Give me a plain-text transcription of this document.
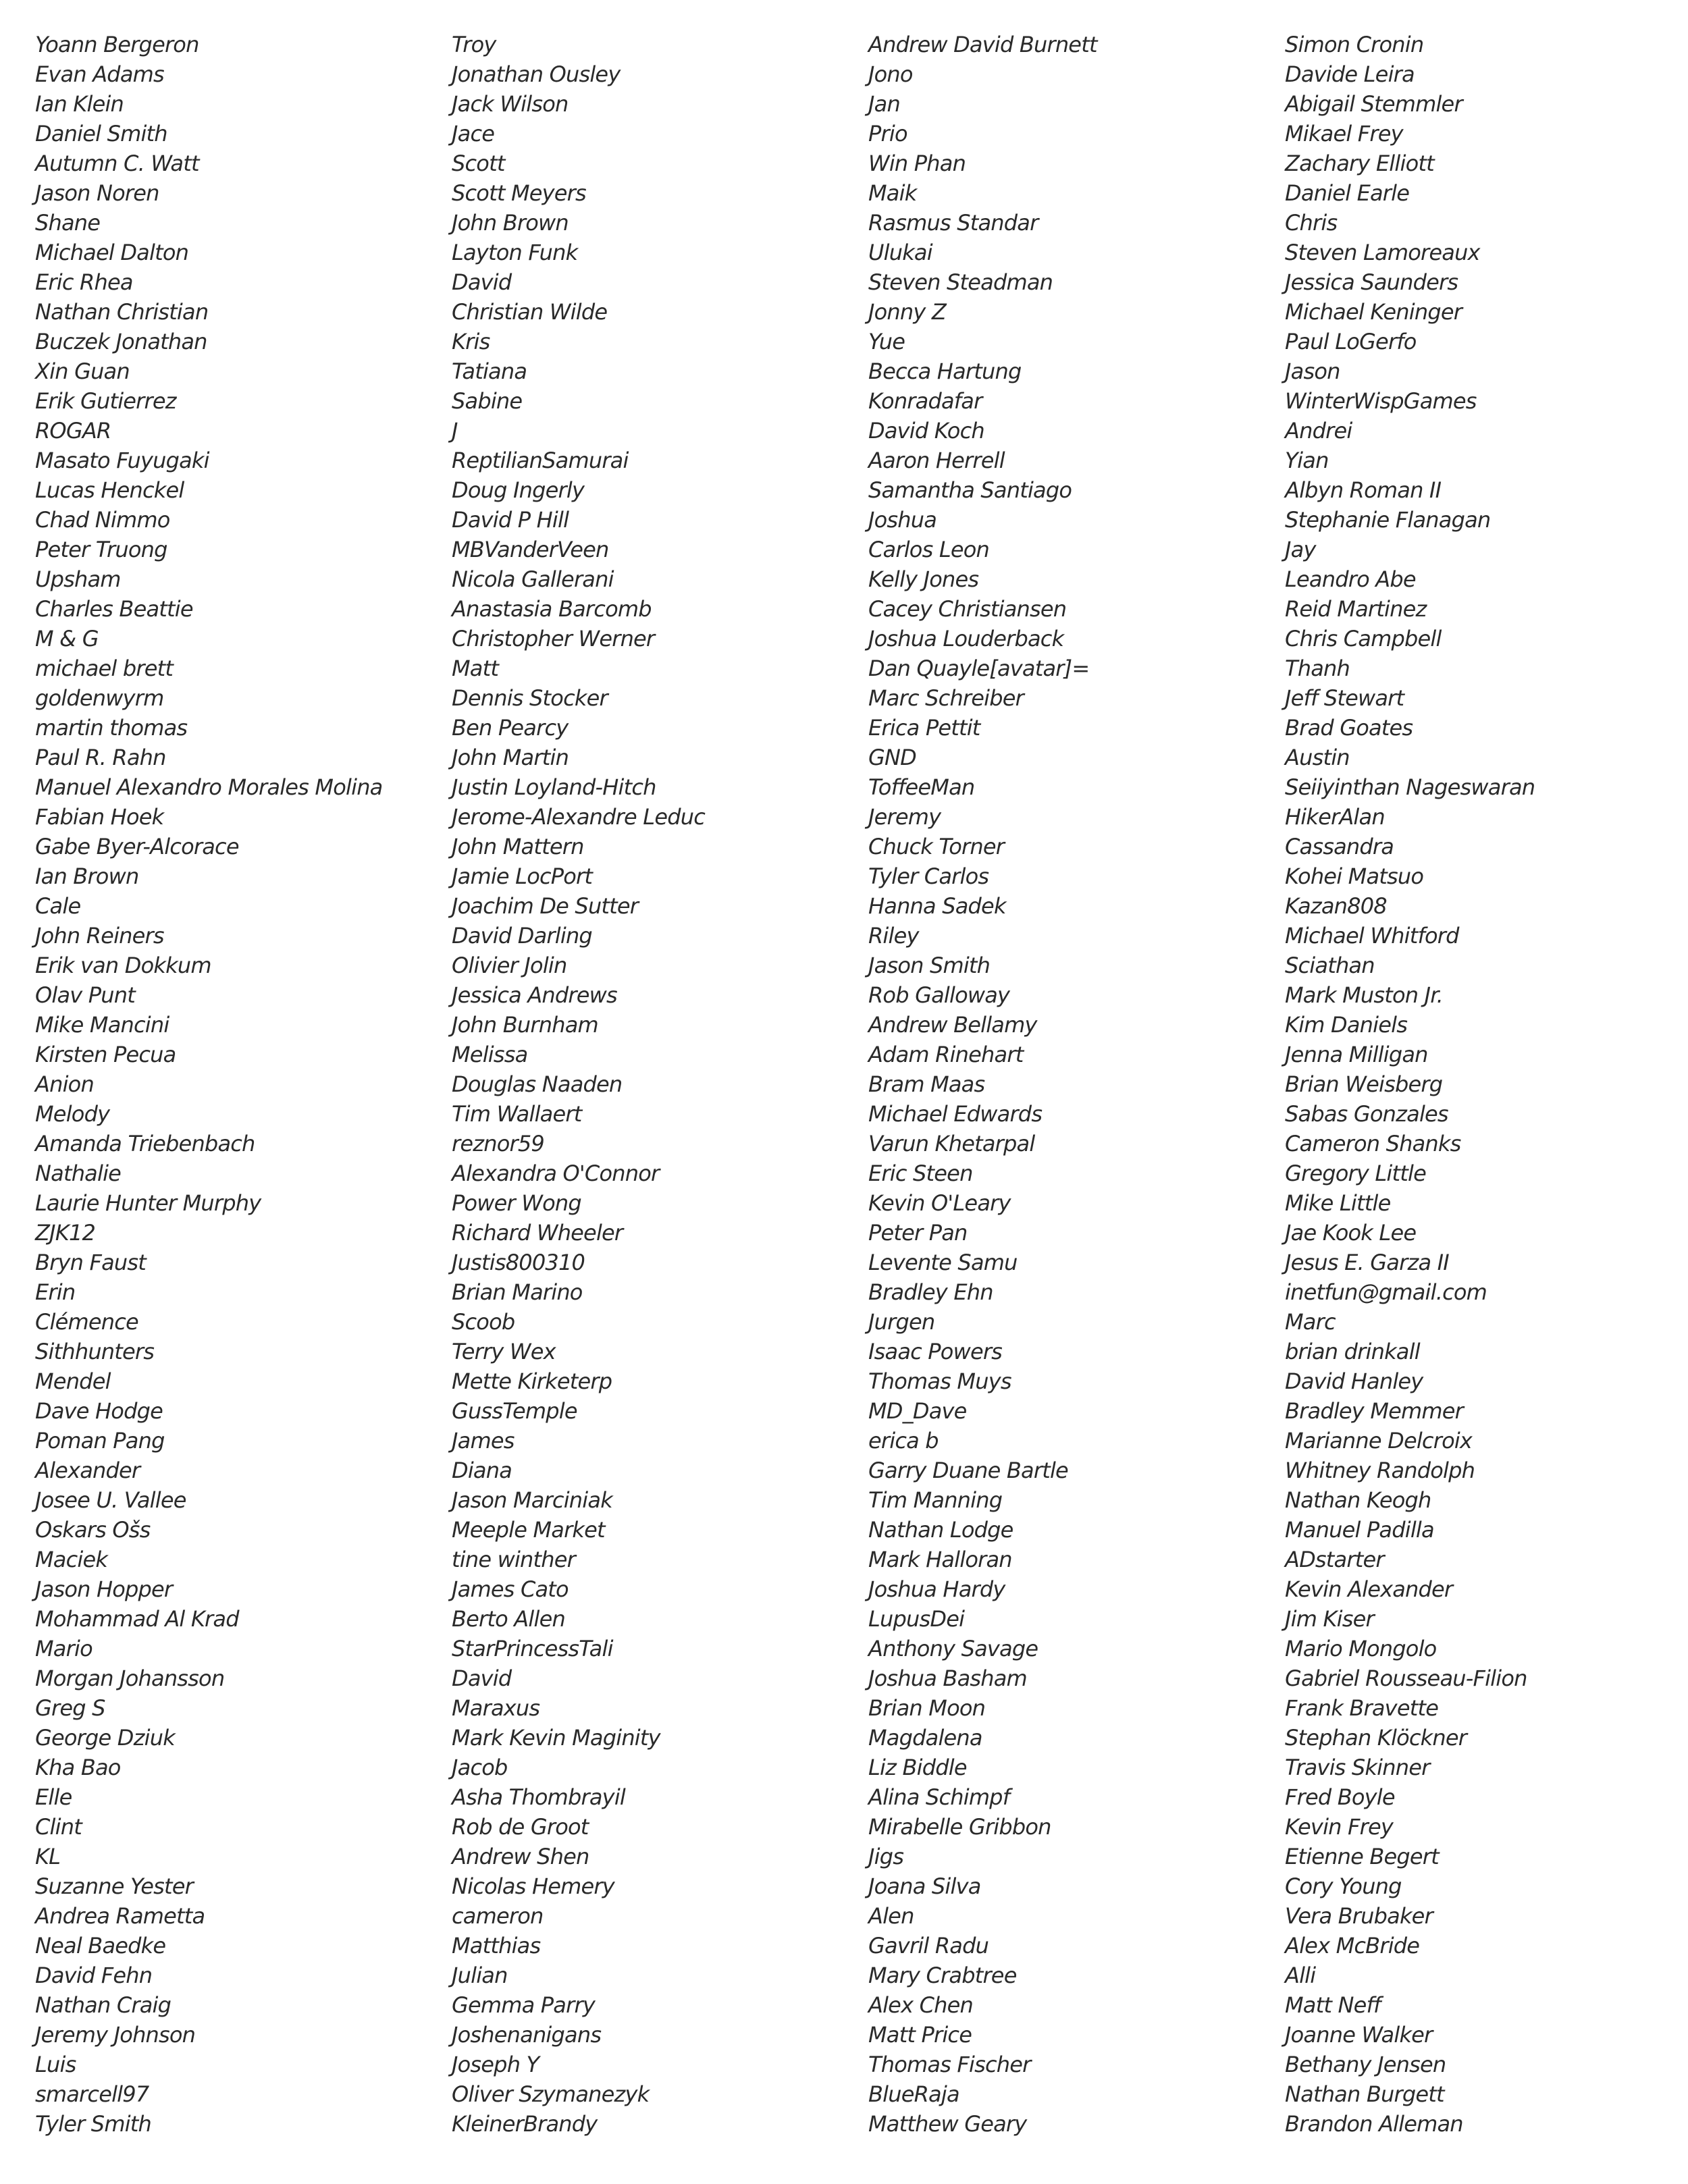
Yoann Bergeron
Evan Adams
Ian Klein
Daniel Smith
Autumn C. Watt
Jason Noren
Shane
Michael Dalton
Eric Rhea
Nathan Christian
Buczek Jonathan
Xin Guan
Erik Gutierrez
ROGAR
Masato Fuyugaki
Lucas Henckel
Chad Nimmo
Peter Truong
Upsham
Charles Beattie
M & G
michael brett
goldenwyrm
martin thomas
Paul R. Rahn
Manuel Alexandro Morales Molina
Fabian Hoek
Gabe Byer-Alcorace
Ian Brown
Cale
John Reiners
Erik van Dokkum
Olav Punt
Mike Mancini
Kirsten Pecua
Anion
Melody
Amanda Triebenbach
Nathalie
Laurie Hunter Murphy
ZJK12
Bryn Faust
Erin
Clémence
Sithhunters
Mendel
Dave Hodge
Poman Pang
Alexander
Josee U. Vallee
Oskars Ošs
Maciek
Jason Hopper
Mohammad Al Krad
Mario
Morgan Johansson
Greg S
George Dziuk
Kha Bao
Elle
Clint
KL
Suzanne Yester
Andrea Rametta
Neal Baedke
David Fehn
Nathan Craig
Jeremy Johnson
Luis
smarcell97
Tyler Smith
Troy
Jonathan Ousley
Jack Wilson
Jace
Scott
Scott Meyers
John Brown
Layton Funk
David
Christian Wilde
Kris
Tatiana
Sabine
J
ReptilianSamurai
Doug Ingerly
David P Hill
MBVanderVeen
Nicola Gallerani
Anastasia Barcomb
Christopher Werner
Matt
Dennis Stocker
Ben Pearcy
John Martin
Justin Loyland-Hitch
Jerome-Alexandre Leduc
John Mattern
Jamie LocPort
Joachim De Sutter
David Darling
Olivier Jolin
Jessica Andrews
John Burnham
Melissa
Douglas Naaden
Tim Wallaert
reznor59
Alexandra O'Connor
Power Wong
Richard Wheeler
Justis800310
Brian Marino
Scoob
Terry Wex
Mette Kirketerp
GussTemple
James
Diana
Jason Marciniak
Meeple Market
tine winther
James Cato
Berto Allen
StarPrincessTali
David
Maraxus
Mark Kevin Maginity
Jacob
Asha Thombrayil
Rob de Groot
Andrew Shen
Nicolas Hemery
cameron
Matthias
Julian
Gemma Parry
Joshenanigans
Joseph Y
Oliver Szymanezyk
KleinerBrandy
Andrew David Burnett
Jono
Jan
Prio
Win Phan
Maik
Rasmus Standar
Ulukai
Steven Steadman
Jonny Z
Yue
Becca Hartung
Konradafar
David Koch
Aaron Herrell
Samantha Santiago
Joshua
Carlos Leon
Kelly Jones
Cacey Christiansen
Joshua Louderback
Dan Quayle[avatar]=
Marc Schreiber
Erica Pettit
GND
ToffeeMan
Jeremy
Chuck Torner
Tyler Carlos
Hanna Sadek
Riley
Jason Smith
Rob Galloway
Andrew Bellamy
Adam Rinehart
Bram Maas
Michael Edwards
Varun Khetarpal
Eric Steen
Kevin O'Leary
Peter Pan
Levente Samu
Bradley Ehn
Jurgen
Isaac Powers
Thomas Muys
MD_Dave
erica b
Garry Duane Bartle
Tim Manning
Nathan Lodge
Mark Halloran
Joshua Hardy
LupusDei
Anthony Savage
Joshua Basham
Brian Moon
Magdalena
Liz Biddle
Alina Schimpf
Mirabelle Gribbon
Jigs
Joana Silva
Alen
Gavril Radu
Mary Crabtree
Alex Chen
Matt Price
Thomas Fischer
BlueRaja
Matthew Geary
Simon Cronin
Davide Leira
Abigail Stemmler
Mikael Frey
Zachary Elliott
Daniel Earle
Chris
Steven Lamoreaux
Jessica Saunders
Michael Keninger
Paul LoGerfo
Jason
WinterWispGames
Andrei
Yian
Albyn Roman II
Stephanie Flanagan
Jay
Leandro Abe
Reid Martinez
Chris Campbell
Thanh
Jeff Stewart
Brad Goates
Austin
Seiiyinthan Nageswaran
HikerAlan
Cassandra
Kohei Matsuo
Kazan808
Michael Whitford
Sciathan
Mark Muston Jr.
Kim Daniels
Jenna Milligan
Brian Weisberg
Sabas Gonzales
Cameron Shanks
Gregory Little
Mike Little
Jae Kook Lee
Jesus E. Garza II
inetfun@gmail.com
Marc
brian drinkall
David Hanley
Bradley Memmer
Marianne Delcroix
Whitney Randolph
Nathan Keogh
Manuel Padilla
ADstarter
Kevin Alexander
Jim Kiser
Mario Mongolo
Gabriel Rousseau-Filion
Frank Bravette
Stephan Klöckner
Travis Skinner
Fred Boyle
Kevin Frey
Etienne Begert
Cory Young
Vera Brubaker
Alex McBride
Alli
Matt Neff
Joanne Walker
Bethany Jensen
Nathan Burgett
Brandon Alleman
